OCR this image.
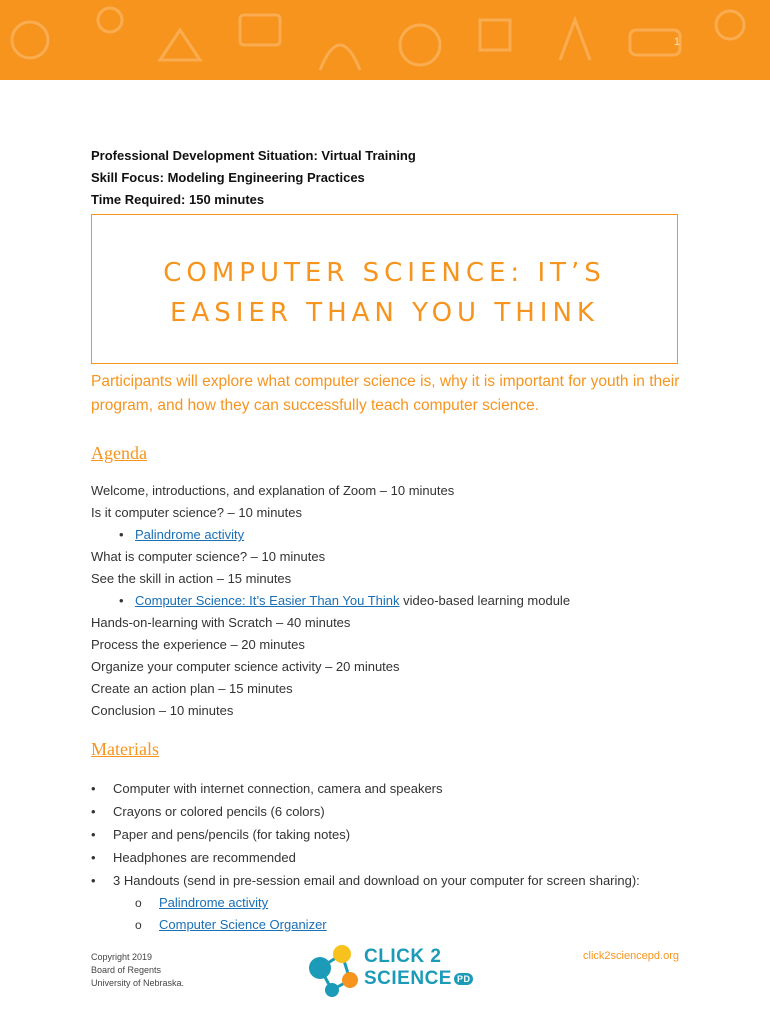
1
Professional Development Situation: Virtual Training
Skill Focus: Modeling Engineering Practices
Time Required: 150 minutes
COMPUTER SCIENCE: IT’S
EASIER THAN YOU THINK
Participants will explore what computer science is, why it is important for youth in their program, and how they can successfully teach computer science.
Agenda
Welcome, introductions, and explanation of Zoom – 10 minutes
Is it computer science? – 10 minutes
• Palindrome activity
What is computer science? – 10 minutes
See the skill in action – 15 minutes
• Computer Science: It’s Easier Than You Think video-based learning module
Hands-on-learning with Scratch – 40 minutes
Process the experience – 20 minutes
Organize your computer science activity – 20 minutes
Create an action plan – 15 minutes
Conclusion – 10 minutes
Materials
• Computer with internet connection, camera and speakers
• Crayons or colored pencils (6 colors)
• Paper and pens/pencils (for taking notes)
• Headphones are recommended
• 3 Handouts (send in pre-session email and download on your computer for screen sharing):
o Palindrome activity
o Computer Science Organizer
Copyright 2019
Board of Regents
University of Nebraska.
CLICK 2
SCIENCE PD
click2sciencepd.org
